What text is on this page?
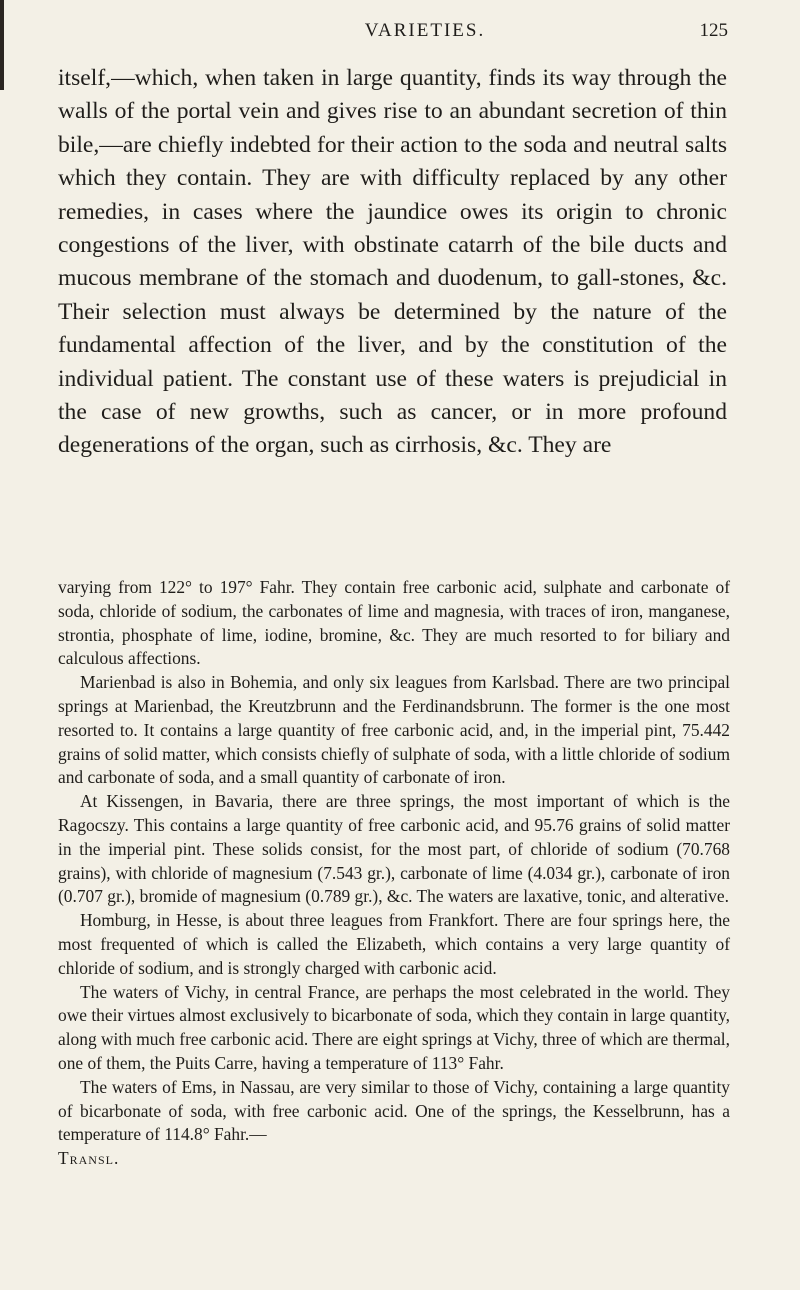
VARIETIES.	125

itself,—which, when taken in large quantity, finds its way through the walls of the portal vein and gives rise to an abundant secretion of thin bile,—are chiefly indebted for their action to the soda and neutral salts which they contain. They are with difficulty replaced by any other remedies, in cases where the jaundice owes its origin to chronic congestions of the liver, with obstinate catarrh of the bile ducts and mucous membrane of the stomach and duodenum, to gall-stones, &c. Their selection must always be determined by the nature of the fundamental affection of the liver, and by the constitution of the individual patient. The constant use of these waters is prejudicial in the case of new growths, such as cancer, or in more profound degenerations of the organ, such as cirrhosis, &c. They are

varying from 122° to 197° Fahr. They contain free carbonic acid, sulphate and carbonate of soda, chloride of sodium, the carbonates of lime and magnesia, with traces of iron, manganese, strontia, phosphate of lime, iodine, bromine, &c. They are much resorted to for biliary and calculous affections.

Marienbad is also in Bohemia, and only six leagues from Karlsbad. There are two principal springs at Marienbad, the Kreutzbrunn and the Ferdinandsbrunn. The former is the one most resorted to. It contains a large quantity of free carbonic acid, and, in the imperial pint, 75.442 grains of solid matter, which consists chiefly of sulphate of soda, with a little chloride of sodium and carbonate of soda, and a small quantity of carbonate of iron.

At Kissengen, in Bavaria, there are three springs, the most important of which is the Ragocszy. This contains a large quantity of free carbonic acid, and 95.76 grains of solid matter in the imperial pint. These solids consist, for the most part, of chloride of sodium (70.768 grains), with chloride of magnesium (7.543 gr.), carbonate of lime (4.034 gr.), carbonate of iron (0.707 gr.), bromide of magnesium (0.789 gr.), &c. The waters are laxative, tonic, and alterative.

Homburg, in Hesse, is about three leagues from Frankfort. There are four springs here, the most frequented of which is called the Elizabeth, which contains a very large quantity of chloride of sodium, and is strongly charged with carbonic acid.

The waters of Vichy, in central France, are perhaps the most celebrated in the world. They owe their virtues almost exclusively to bicarbonate of soda, which they contain in large quantity, along with much free carbonic acid. There are eight springs at Vichy, three of which are thermal, one of them, the Puits Carre, having a temperature of 113° Fahr.

The waters of Ems, in Nassau, are very similar to those of Vichy, containing a large quantity of bicarbonate of soda, with free carbonic acid. One of the springs, the Kesselbrunn, has a temperature of 114.8° Fahr.—

Transl.
